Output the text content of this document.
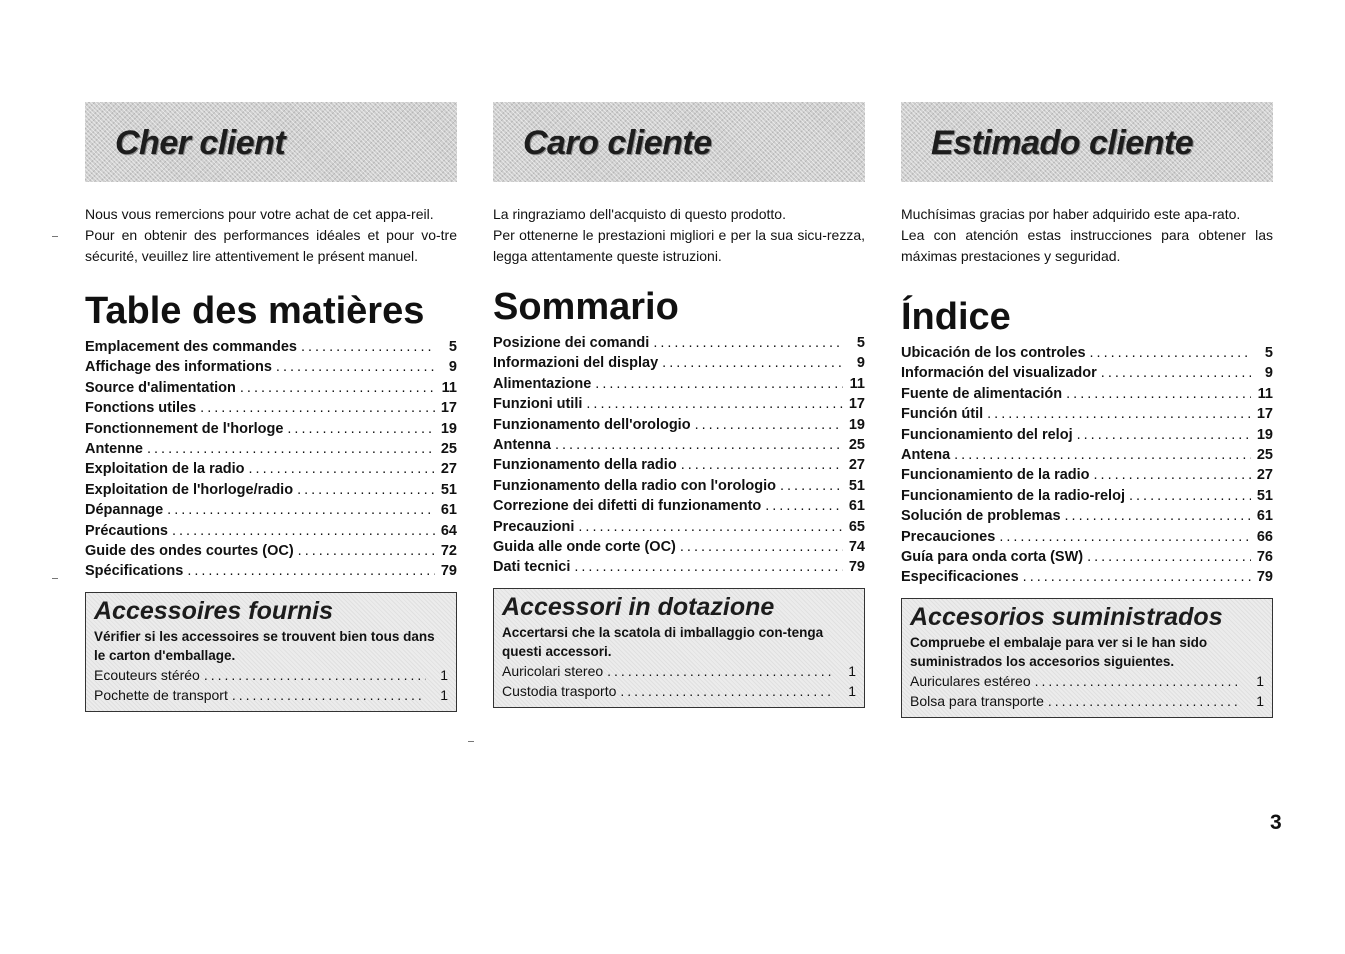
Cher client

Nous vous remercions pour votre achat de cet appa-reil.

Pour en obtenir des performances idéales et pour vo-tre sécurité, veuillez lire attentivement le présent manuel.

Table des matières
Emplacement des commandes .....	5
Affichage des informations .....	9
Source d'alimentation .....	11
Fonctions utiles .....	17
Fonctionnement de l'horloge .....	19
Antenne .....	25
Exploitation de la radio .....	27
Exploitation de l'horloge/radio .....	51
Dépannage .....	61
Précautions .....	64
Guide des ondes courtes (OC) .....	72
Spécifications .....	79
Accessoires fournis
Vérifier si les accessoires se trouvent bien tous dans le carton d'emballage.
Ecouteurs stéréo .....	1
Pochette de transport .....	1
Caro cliente

La ringraziamo dell'acquisto di questo prodotto.

Per ottenerne le prestazioni migliori e per la sua sicu-rezza, legga attentamente queste istruzioni.

Sommario
Posizione dei comandi .....	5
Informazioni del display .....	9
Alimentazione .....	11
Funzioni utili .....	17
Funzionamento dell'orologio .....	19
Antenna .....	25
Funzionamento della radio .....	27
Funzionamento della radio con l'orologio .....	51
Correzione dei difetti di funzionamento .....	61
Precauzioni .....	65
Guida alle onde corte (OC) .....	74
Dati tecnici .....	79
Accessori in dotazione
Accertarsi che la scatola di imballaggio con-tenga questi accessori.
Auricolari stereo .....	1
Custodia trasporto .....	1
Estimado cliente

Muchísimas gracias por haber adquirido este apa-rato.

Lea con atención estas instrucciones para obtener las máximas prestaciones y seguridad.

Índice
Ubicación de los controles .....	5
Información del visualizador .....	9
Fuente de alimentación .....	11
Función útil .....	17
Funcionamiento del reloj .....	19
Antena .....	25
Funcionamiento de la radio .....	27
Funcionamiento de la radio-reloj .....	51
Solución de problemas .....	61
Precauciones .....	66
Guía para onda corta (SW) .....	76
Especificaciones .....	79
Accesorios suministrados
Compruebe el embalaje para ver si le han sido suministrados los accesorios siguientes.
Auriculares estéreo .....	1
Bolsa para transporte .....	1
3
